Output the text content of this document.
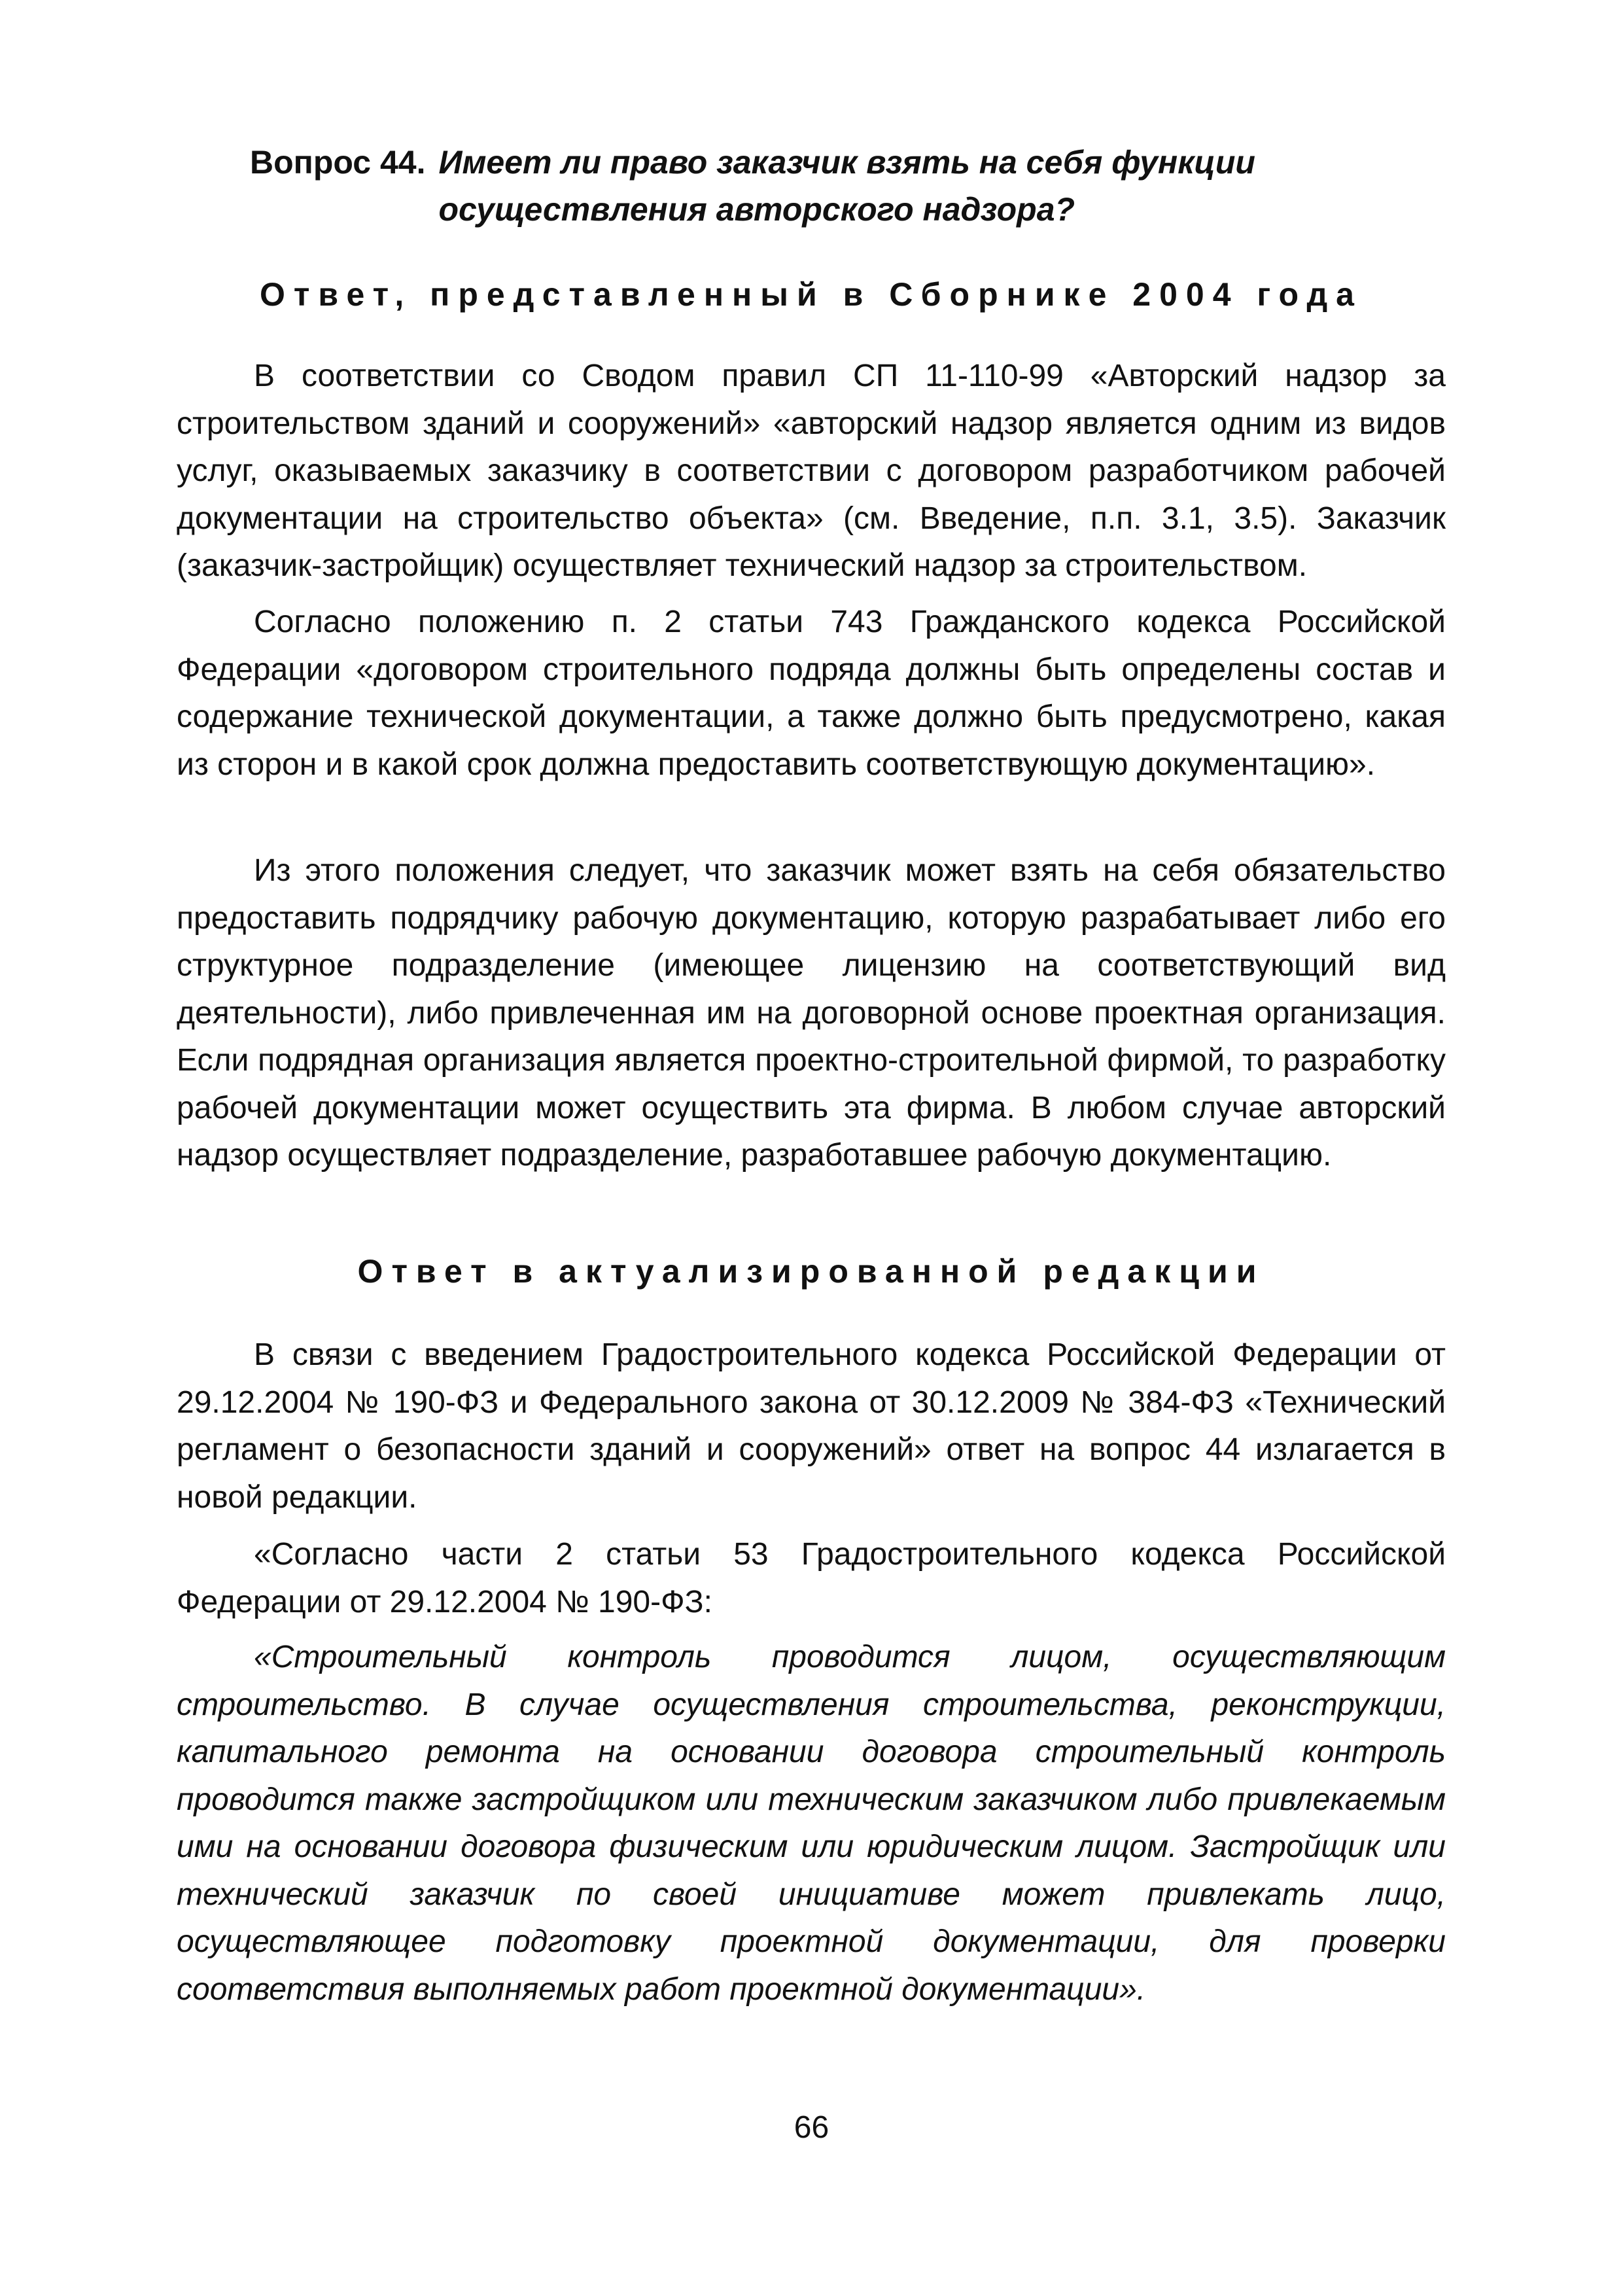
Вопрос 44. Имеет ли право заказчик взять на себя функции осуществления авторского надзора?
Ответ, представленный в Сборнике 2004 года

В соответствии со Сводом правил СП 11-110-99 «Авторский надзор за строительством зданий и сооружений» «авторский надзор является одним из видов услуг, оказываемых заказчику в соответствии с договором разработчиком рабочей документации на строительство объекта» (см. Введение, п.п. 3.1, 3.5). Заказчик (заказчик-застройщик) осуществляет технический надзор за строительством.

Согласно положению п. 2 статьи 743 Гражданского кодекса Российской Федерации «договором строительного подряда должны быть определены состав и содержание технической документации, а также должно быть предусмотрено, какая из сторон и в какой срок должна предоставить соответствующую документацию».

Из этого положения следует, что заказчик может взять на себя обязательство предоставить подрядчику рабочую документацию, которую разрабатывает либо его структурное подразделение (имеющее лицензию на соответствующий вид деятельности), либо привлеченная им на договорной основе проектная организация. Если подрядная организация является проектно-строительной фирмой, то разработку рабочей документации может осуществить эта фирма. В любом случае авторский надзор осуществляет подразделение, разработавшее рабочую документацию.

Ответ в актуализированной редакции

В связи с введением Градостроительного кодекса Российской Федерации от 29.12.2004 № 190-ФЗ и Федерального закона от 30.12.2009 № 384-ФЗ «Технический регламент о безопасности зданий и сооружений» ответ на вопрос 44 излагается в новой редакции.

«Согласно части 2 статьи 53 Градостроительного кодекса Российской Федерации от 29.12.2004 № 190-ФЗ:

«Строительный контроль проводится лицом, осуществляющим строительство. В случае осуществления строительства, реконструкции, капитального ремонта на основании договора строительный контроль проводится также застройщиком или техническим заказчиком либо привлекаемым ими на основании договора физическим или юридическим лицом. Застройщик или технический заказчик по своей инициативе может привлекать лицо, осуществляющее подготовку проектной документации, для проверки соответствия выполняемых работ проектной документации».

66
